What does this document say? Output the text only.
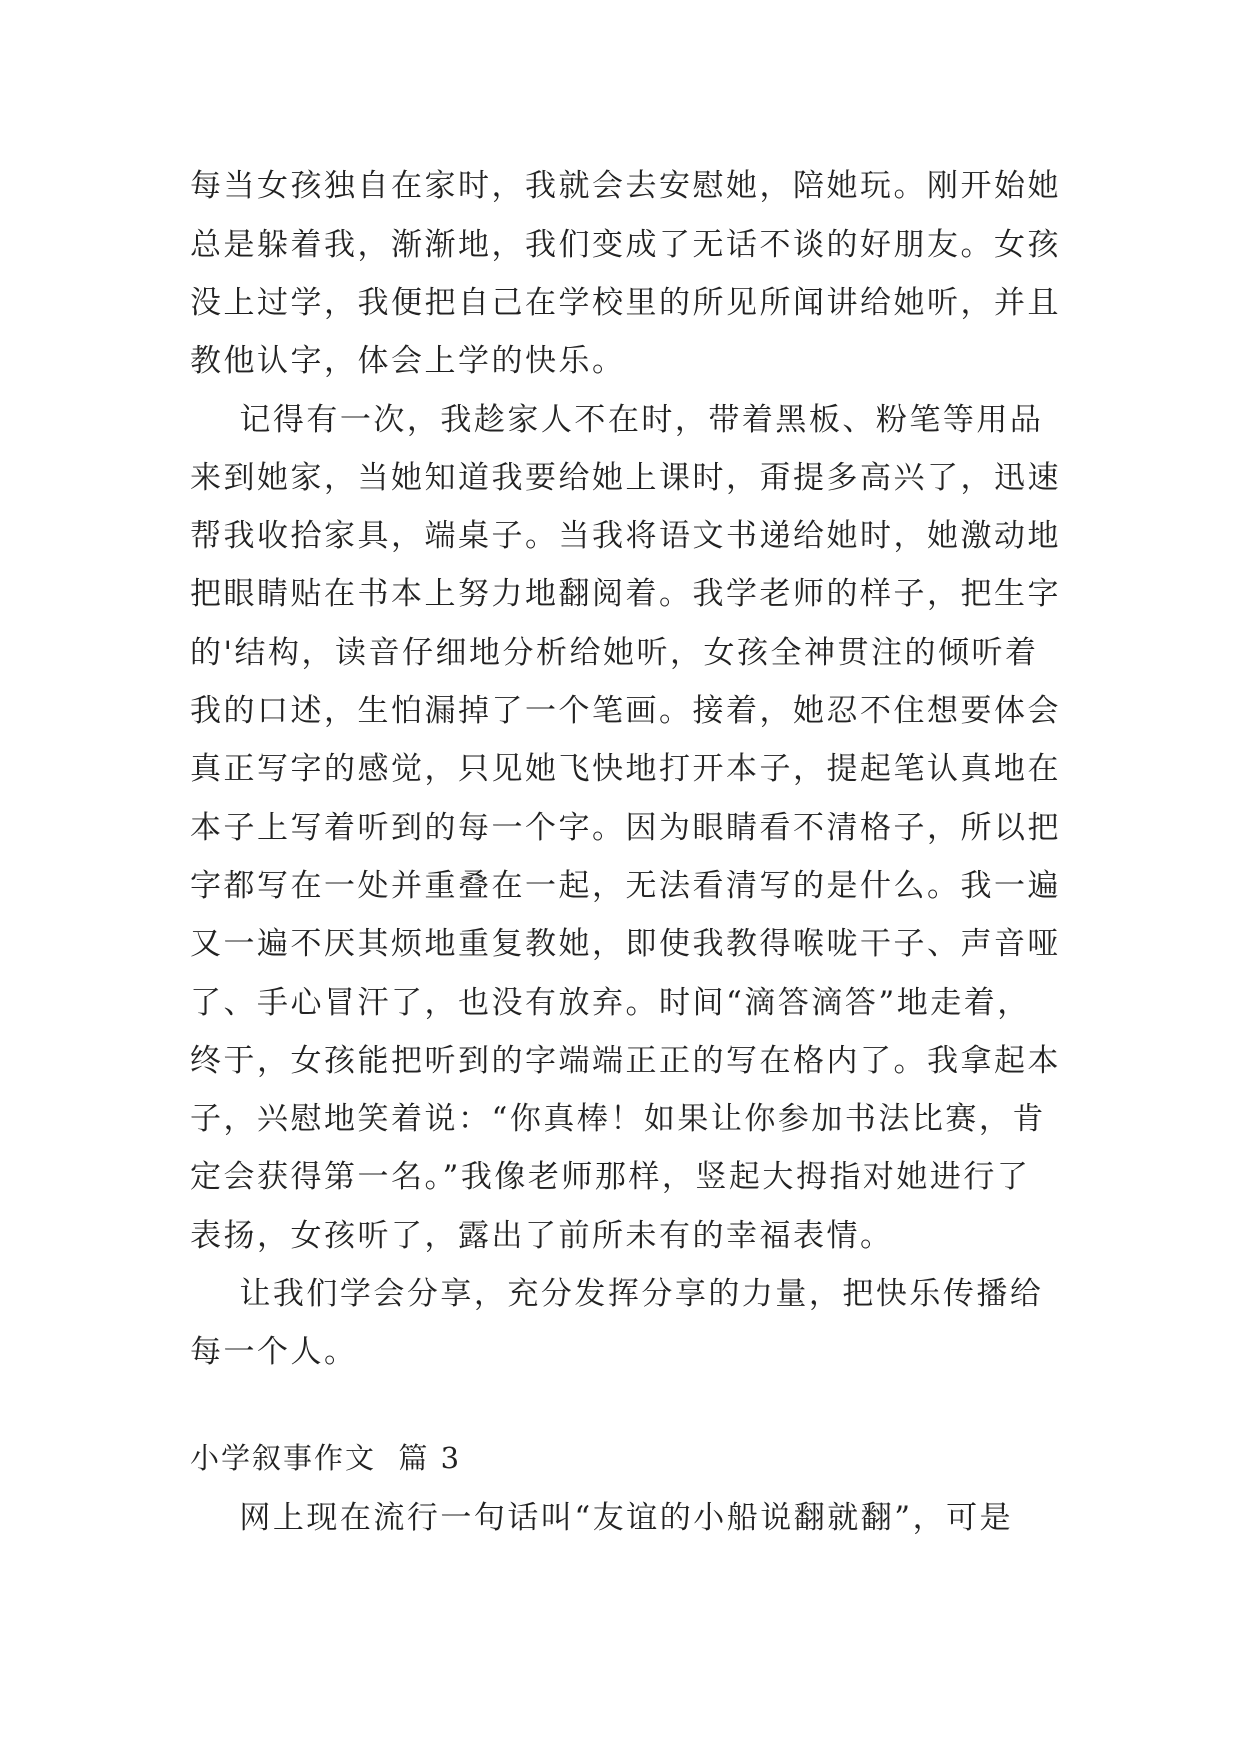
每当女孩独自在家时，我就会去安慰她，陪她玩。刚开始她
总是躲着我，渐渐地，我们变成了无话不谈的好朋友。女孩
没上过学，我便把自己在学校里的所见所闻讲给她听，并且
教他认字，体会上学的快乐。
记得有一次，我趁家人不在时，带着黑板、粉笔等用品
来到她家，当她知道我要给她上课时，甭提多高兴了，迅速
帮我收拾家具，端桌子。当我将语文书递给她时，她激动地
把眼睛贴在书本上努力地翻阅着。我学老师的样子，把生字
的'结构，读音仔细地分析给她听，女孩全神贯注的倾听着
我的口述，生怕漏掉了一个笔画。接着，她忍不住想要体会
真正写字的感觉，只见她飞快地打开本子，提起笔认真地在
本子上写着听到的每一个字。因为眼睛看不清格子，所以把
字都写在一处并重叠在一起，无法看清写的是什么。我一遍
又一遍不厌其烦地重复教她，即使我教得喉咙干子、声音哑
了、手心冒汗了，也没有放弃。时间“滴答滴答”地走着，
终于，女孩能把听到的字端端正正的写在格内了。我拿起本
子，兴慰地笑着说：“你真棒！如果让你参加书法比赛，肯
定会获得第一名。”我像老师那样，竖起大拇指对她进行了
表扬，女孩听了，露出了前所未有的幸福表情。
让我们学会分享，充分发挥分享的力量，把快乐传播给
每一个人。
小学叙事作文  篇 3
网上现在流行一句话叫“友谊的小船说翻就翻”，可是
